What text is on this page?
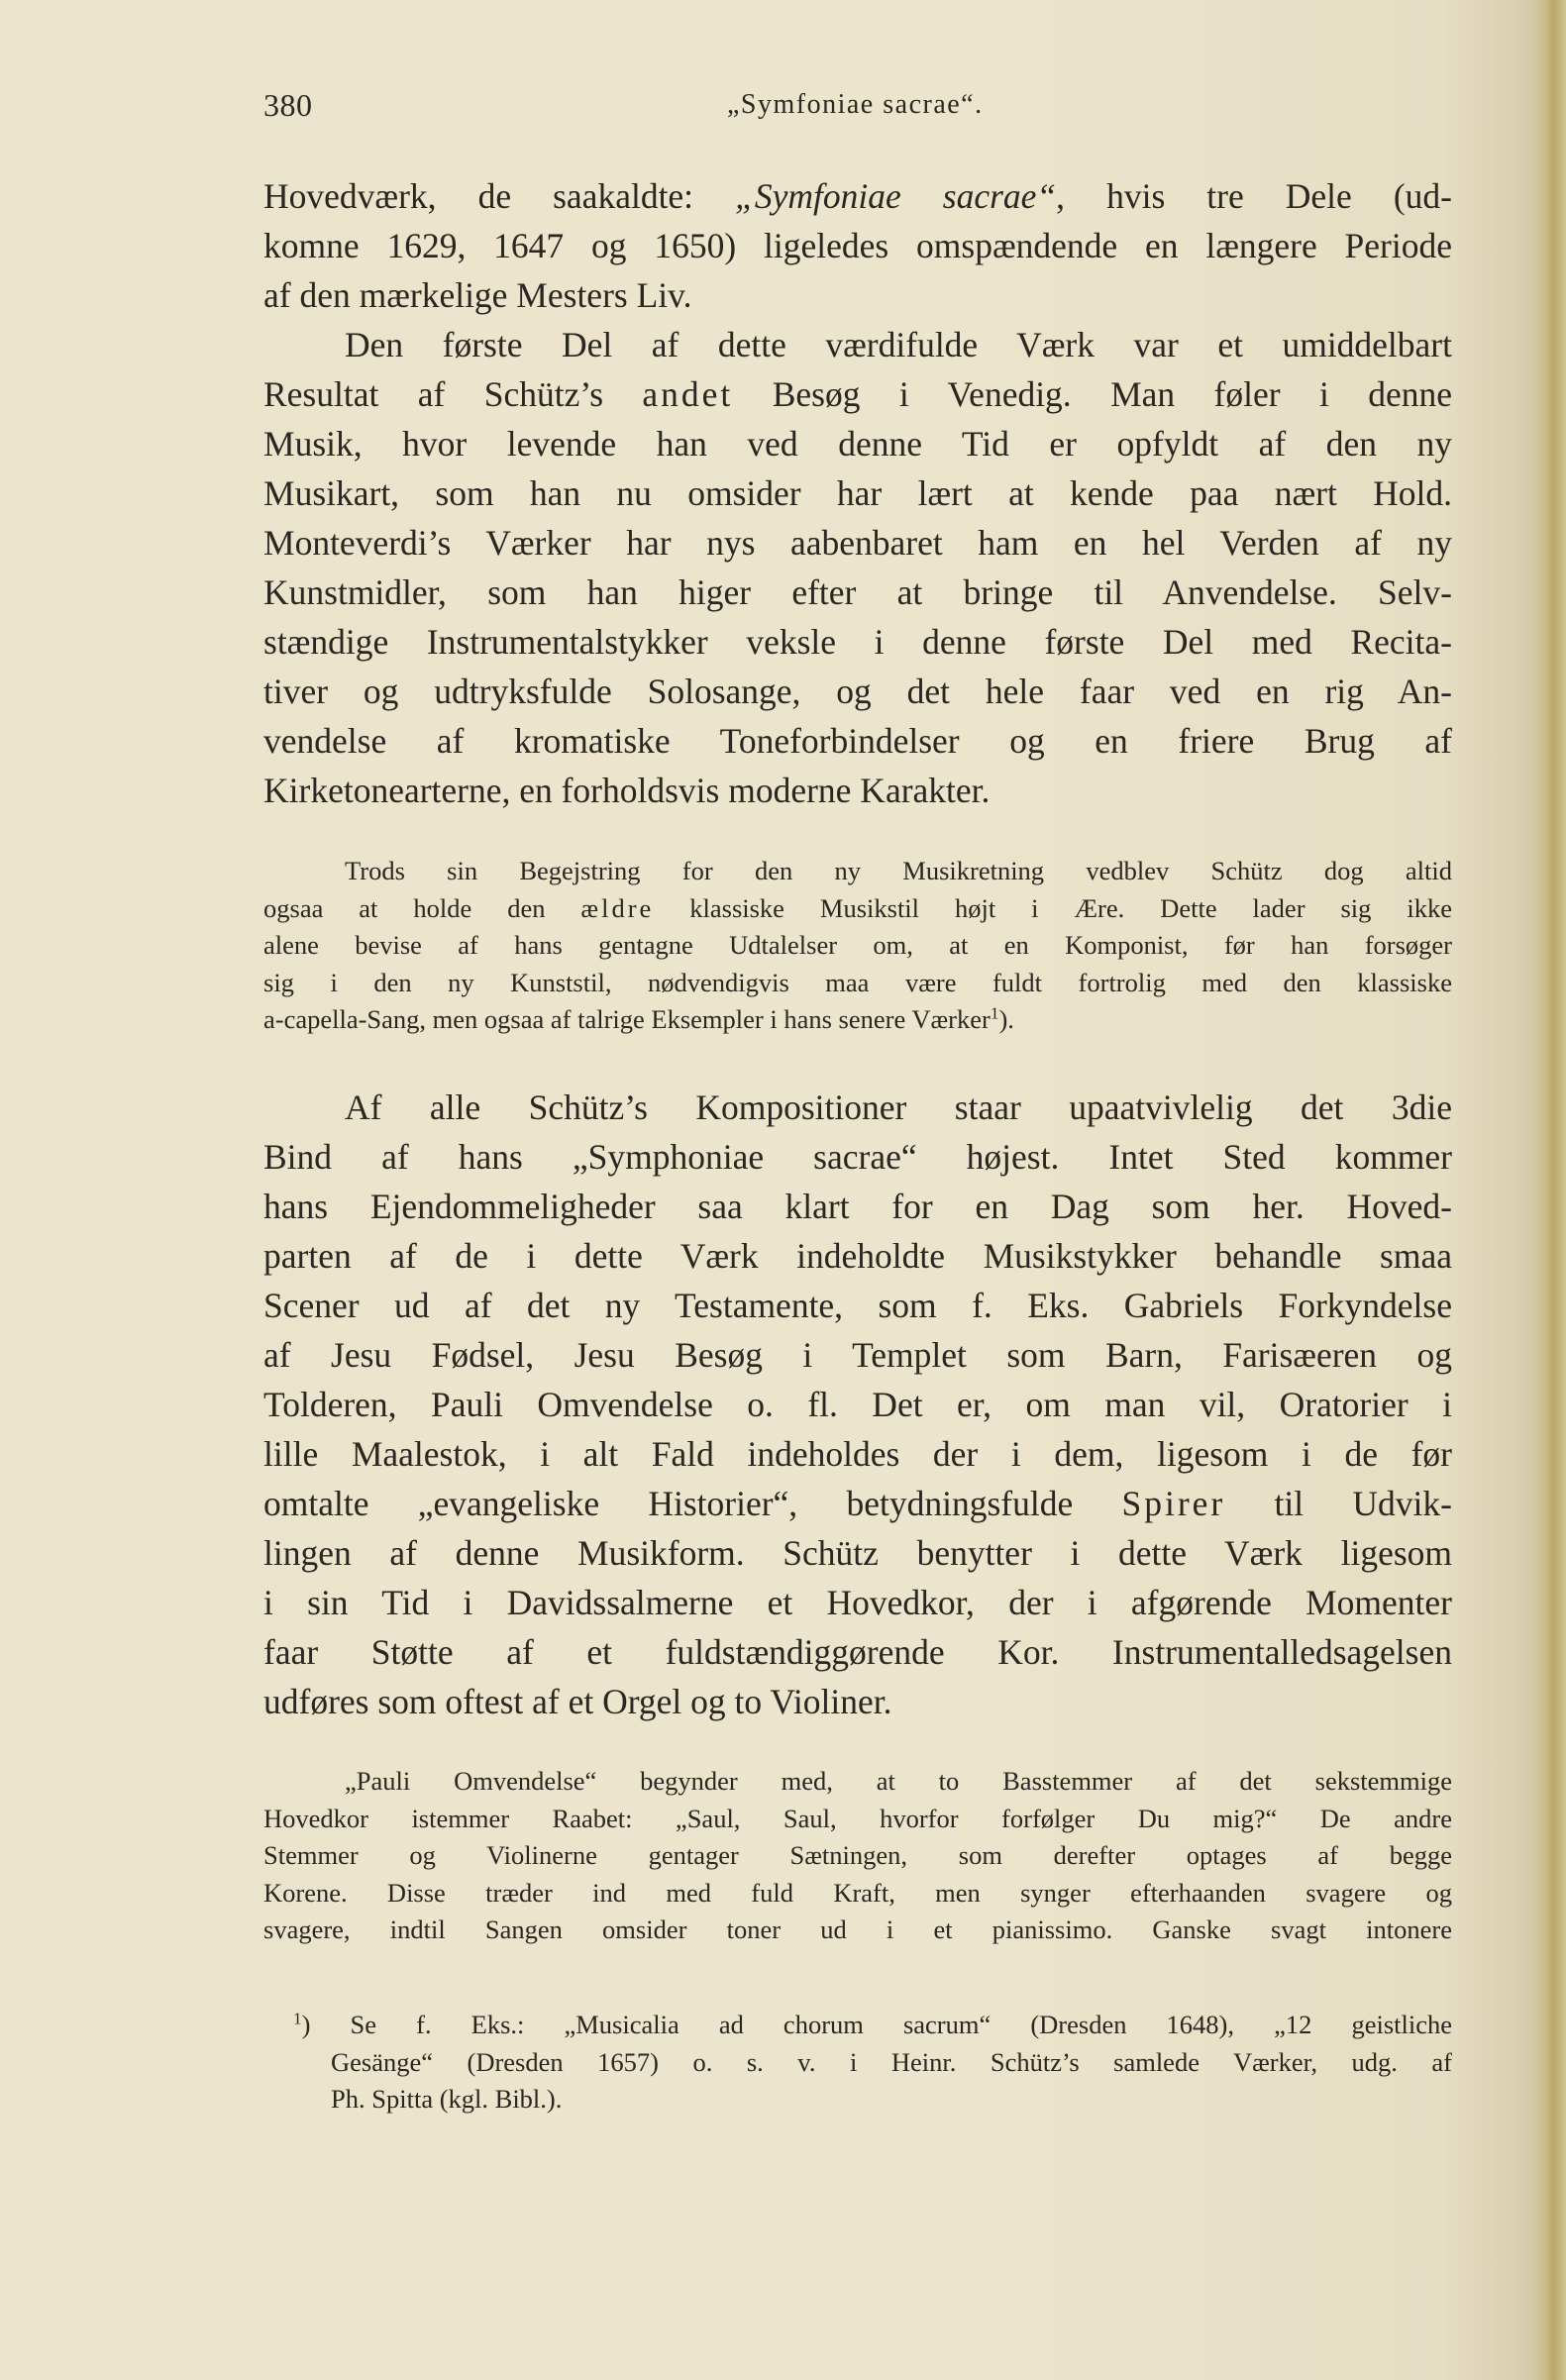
380	„Symfoniae sacrae“.

Hovedværk, de saakaldte: „Symfoniae sacrae“, hvis tre Dele (ud-

komne 1629, 1647 og 1650) ligeledes omspændende en længere Periode

af den mærkelige Mesters Liv.

Den første Del af dette værdifulde Værk var et umiddelbart

Resultat af Schütz’s andet Besøg i Venedig. Man føler i denne

Musik, hvor levende han ved denne Tid er opfyldt af den ny

Musikart, som han nu omsider har lært at kende paa nært Hold.

Monteverdi’s Værker har nys aabenbaret ham en hel Verden af ny

Kunstmidler, som han higer efter at bringe til Anvendelse. Selv-

stændige Instrumentalstykker veksle i denne første Del med Recita-

tiver og udtryksfulde Solosange, og det hele faar ved en rig An-

vendelse af kromatiske Toneforbindelser og en friere Brug af

Kirketonearterne, en forholdsvis moderne Karakter.

Trods sin Begejstring for den ny Musikretning vedblev Schütz dog altid

ogsaa at holde den ældre klassiske Musikstil højt i Ære. Dette lader sig ikke

alene bevise af hans gentagne Udtalelser om, at en Komponist, før han forsøger

sig i den ny Kunststil, nødvendigvis maa være fuldt fortrolig med den klassiske

a-capella-Sang, men ogsaa af talrige Eksempler i hans senere Værker$^1$).

Af alle Schütz’s Kompositioner staar upaatvivlelig det 3die

Bind af hans „Symphoniae sacrae“ højest. Intet Sted kommer

hans Ejendommeligheder saa klart for en Dag som her. Hoved-

parten af de i dette Værk indeholdte Musikstykker behandle smaa

Scener ud af det ny Testamente, som f. Eks. Gabriels Forkyndelse

af Jesu Fødsel, Jesu Besøg i Templet som Barn, Farisæeren og

Tolderen, Pauli Omvendelse o. fl. Det er, om man vil, Oratorier i

lille Maalestok, i alt Fald indeholdes der i dem, ligesom i de før

omtalte „evangeliske Historier“, betydningsfulde Spirer til Udvik-

lingen af denne Musikform. Schütz benytter i dette Værk ligesom

i sin Tid i Davidssalmerne et Hovedkor, der i afgørende Momenter

faar Støtte af et fuldstændiggørende Kor. Instrumentalledsagelsen

udføres som oftest af et Orgel og to Violiner.

„Pauli Omvendelse“ begynder med, at to Basstemmer af det sekstemmige

Hovedkor istemmer Raabet: „Saul, Saul, hvorfor forfølger Du mig?“ De andre

Stemmer og Violinerne gentager Sætningen, som derefter optages af begge

Korene. Disse træder ind med fuld Kraft, men synger efterhaanden svagere og

svagere, indtil Sangen omsider toner ud i et pianissimo. Ganske svagt intonere

$^1$) Se f. Eks.: „Musicalia ad chorum sacrum“ (Dresden 1648), „12 geistliche

Gesänge“ (Dresden 1657) o. s. v. i Heinr. Schütz’s samlede Værker, udg. af

Ph. Spitta (kgl. Bibl.).
